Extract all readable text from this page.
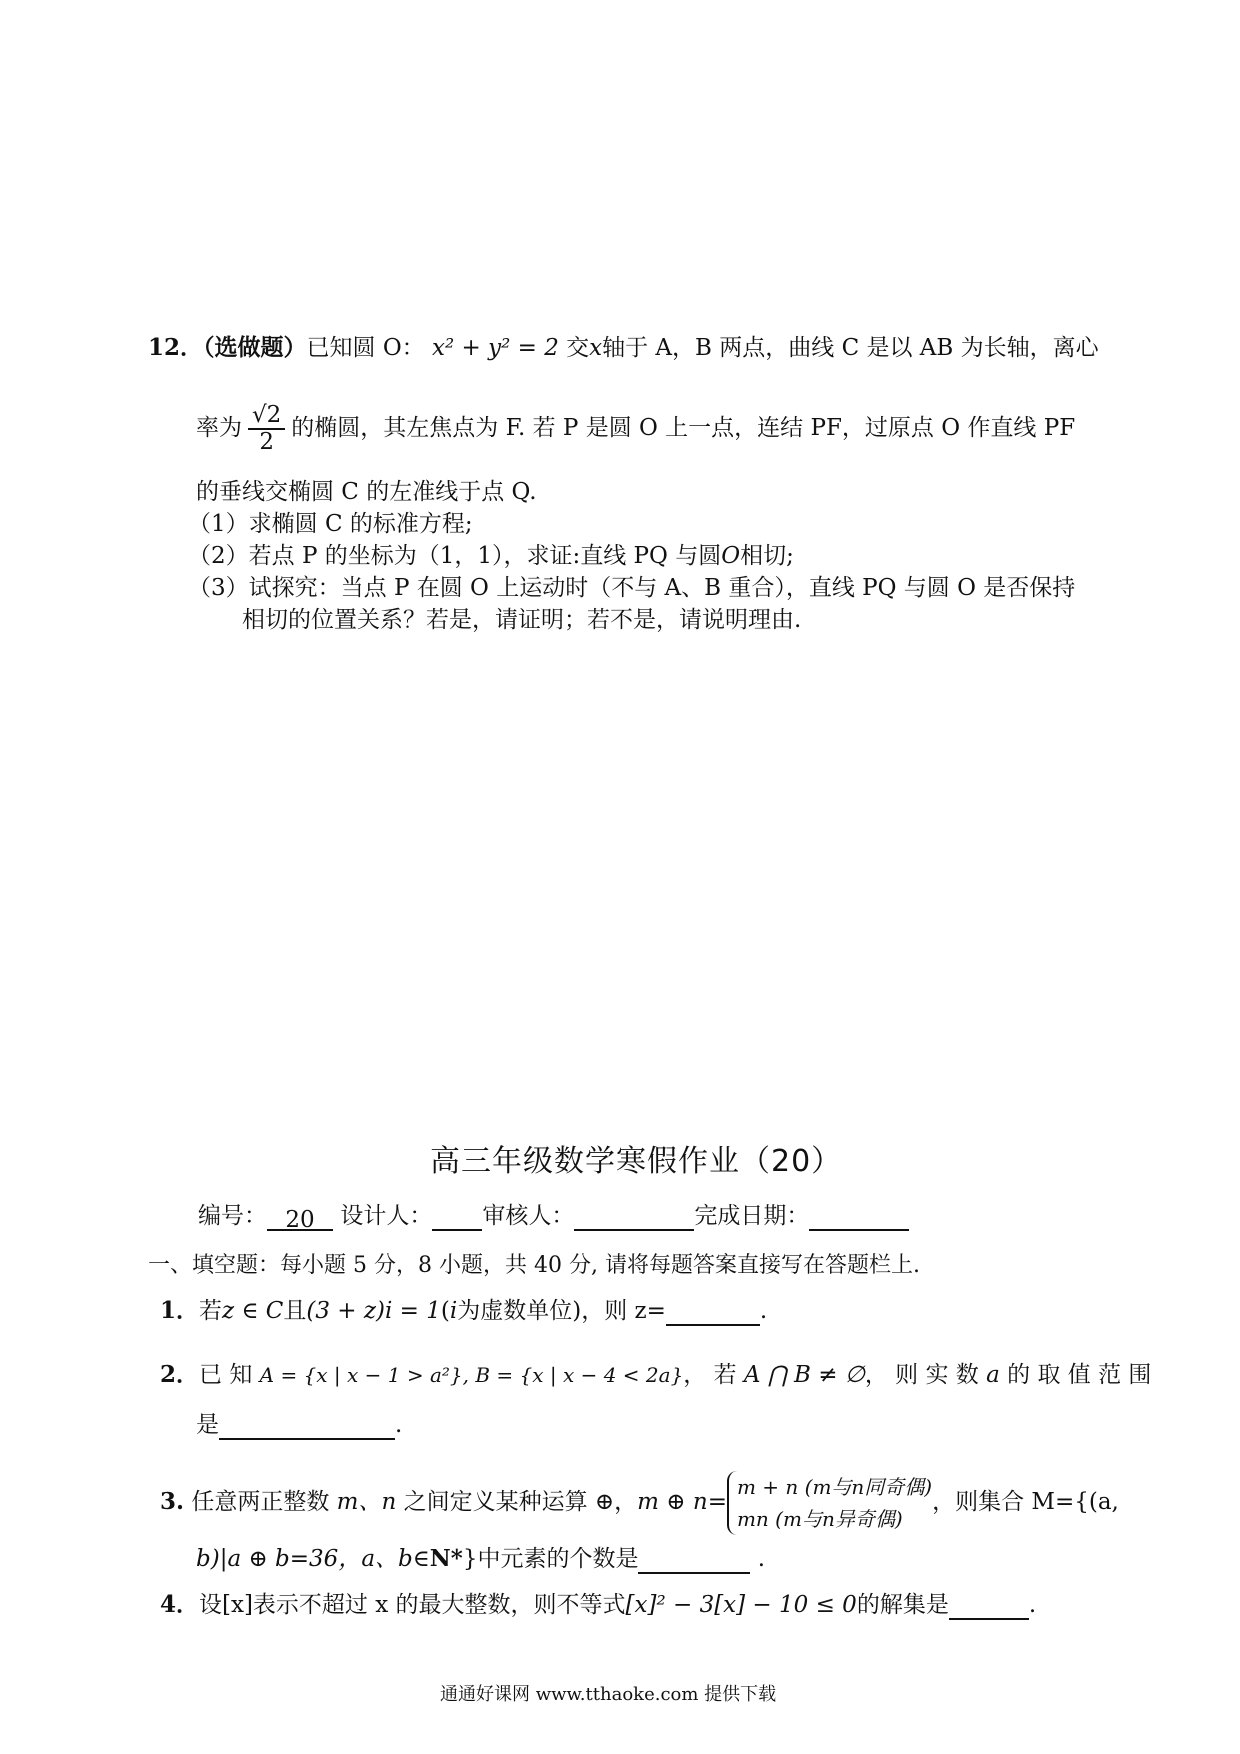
12．（选做题）已知圆 O： x² + y² = 2 交x轴于 A，B 两点，曲线 C 是以 AB 为长轴，离心
率为 $\frac{√2}{2}$ 的椭圆，其左焦点为 F. 若 P 是圆 O 上一点，连结 PF，过原点 O 作直线 PF
的垂线交椭圆 C 的左准线于点 Q.
（1）求椭圆 C 的标准方程;
（2）若点 P 的坐标为（1，1），求证:直线 PQ 与圆O相切;
（3）试探究：当点 P 在圆 O 上运动时（不与 A、B 重合），直线 PQ 与圆 O 是否保持
相切的位置关系？若是，请证明；若不是，请说明理由.
高三年级数学寒假作业（20）
编号： 20 设计人： 审核人：	完成日期：
一、填空题：每小题 5 分，8 小题，共 40 分, 请将每题答案直接写在答题栏上.
1．若z ∈ C且(3 + z)i = 1(i为虚数单位)，则 z=	.
2．已 知 A = {x | x − 1 > a²}, B = {x | x − 4 < 2a}， 若 A ⋂ B ≠ ∅， 则 实 数 a 的 取 值 范 围
是	.
3. 任意两正整数 m、n 之间定义某种运算 ⊕，m ⊕ n=
m + n (m与n同奇偶)
mn (m与n异奇偶)
，则集合 M={(a,
b)|a ⊕ b=36，a、b∈N*}中元素的个数是	.
4．设[x]表示不超过 x 的最大整数，则不等式[x]² − 3[x] − 10 ≤ 0的解集是	.
通通好课网 www.tthaoke.com 提供下载
